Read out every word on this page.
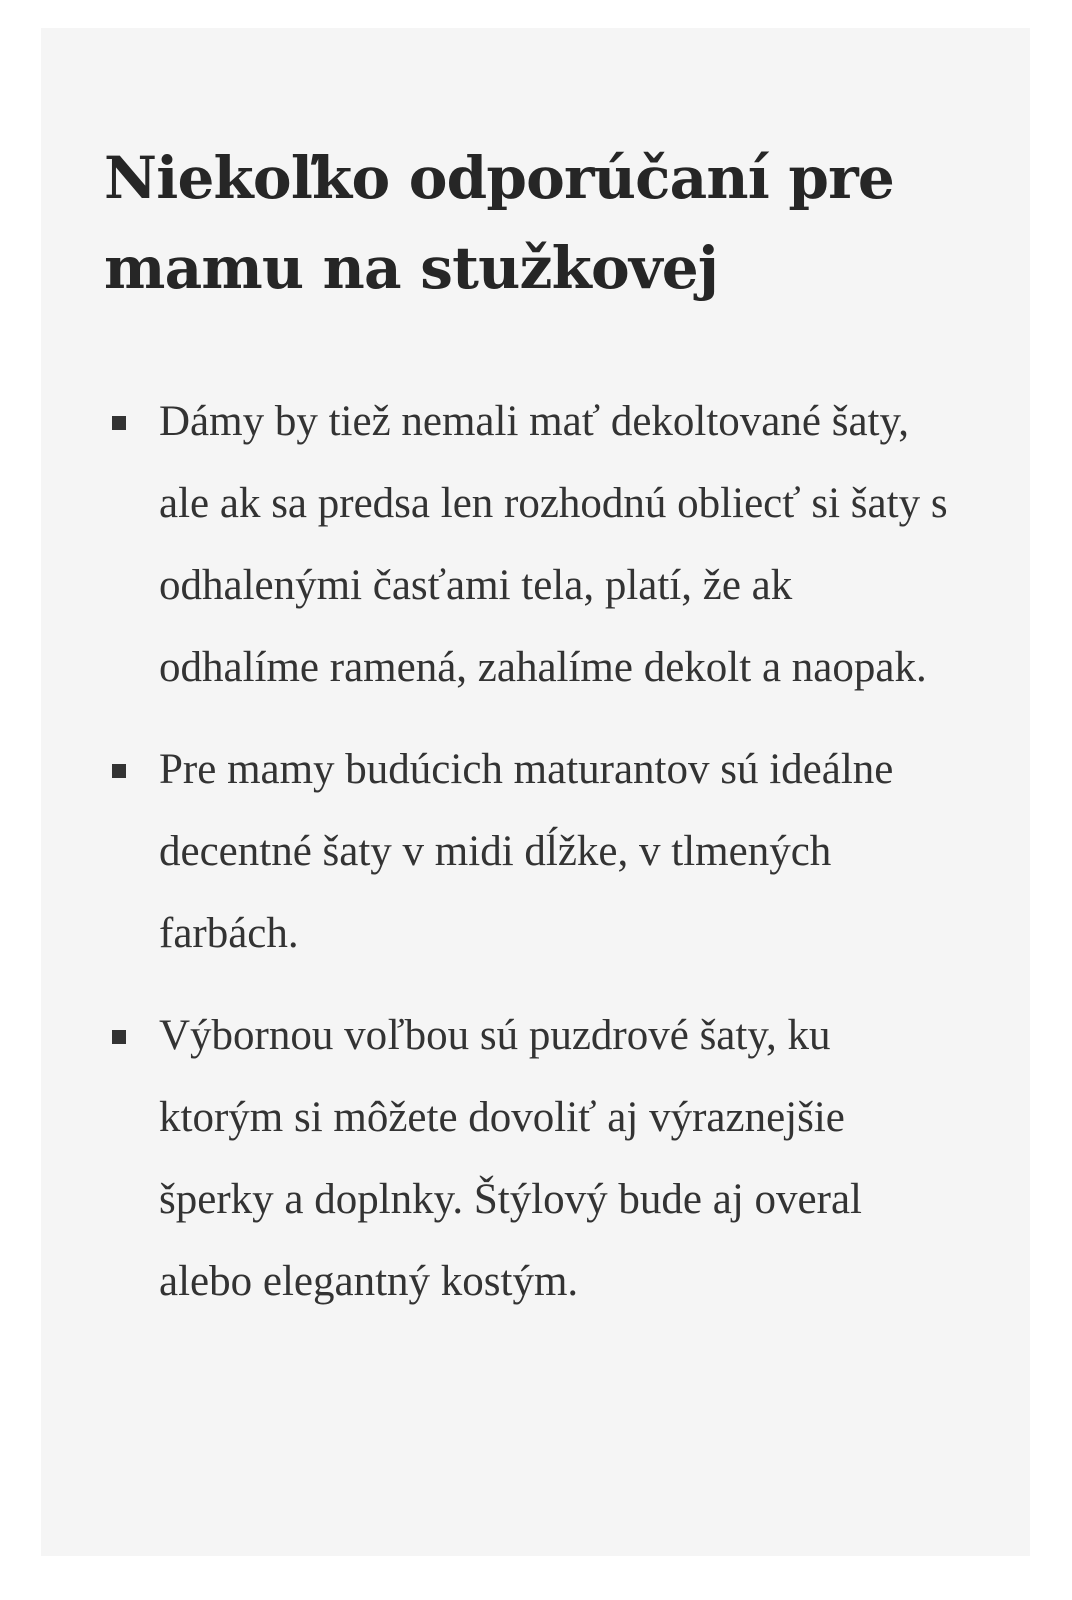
Niekoľko odporúčaní pre mamu na stužkovej
Dámy by tiež nemali mať dekoltované šaty, ale ak sa predsa len rozhodnú obliecť si šaty s odhalenými časťami tela, platí, že ak odhalíme ramená, zahalíme dekolt a naopak.
Pre mamy budúcich maturantov sú ideálne decentné šaty v midi dĺžke, v tlmených farbách.
Výbornou voľbou sú puzdrové šaty, ku ktorým si môžete dovoliť aj výraznejšie šperky a doplnky. Štýlový bude aj overal alebo elegantný kostým.
